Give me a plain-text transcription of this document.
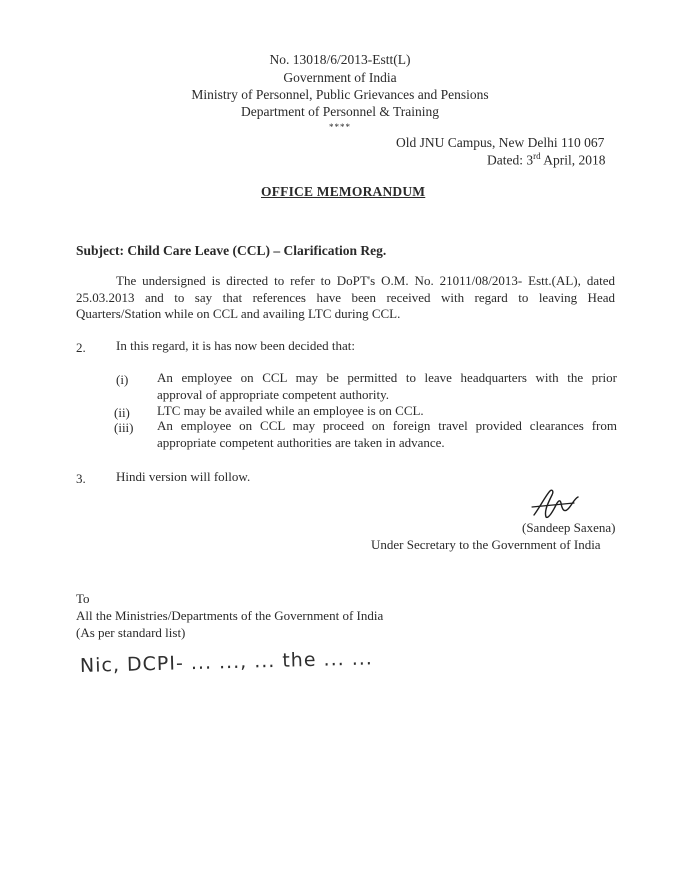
No. 13018/6/2013-Estt(L)
Government of India
Ministry of Personnel, Public Grievances and Pensions
Department of Personnel & Training
****
Old JNU Campus, New Delhi 110 067
Dated: 3rd April, 2018
OFFICE MEMORANDUM
Subject: Child Care Leave (CCL) – Clarification Reg.
The undersigned is directed to refer to DoPT's O.M. No. 21011/08/2013- Estt.(AL), dated
25.03.2013 and to say that references have been received with regard to leaving Head
Quarters/Station while on CCL and availing LTC during CCL.
2. In this regard, it is has now been decided that:
(i) An employee on CCL may be permitted to leave headquarters with the prior
approval of appropriate competent authority.
(ii) LTC may be availed while an employee is on CCL.
(iii) An employee on CCL may proceed on foreign travel provided clearances from
appropriate competent authorities are taken in advance.
3. Hindi version will follow.
(Sandeep Saxena)
Under Secretary to the Government of India
To
All the Ministries/Departments of the Government of India
(As per standard list)
Nic, DCPI- ... ..., ... the ... ...
